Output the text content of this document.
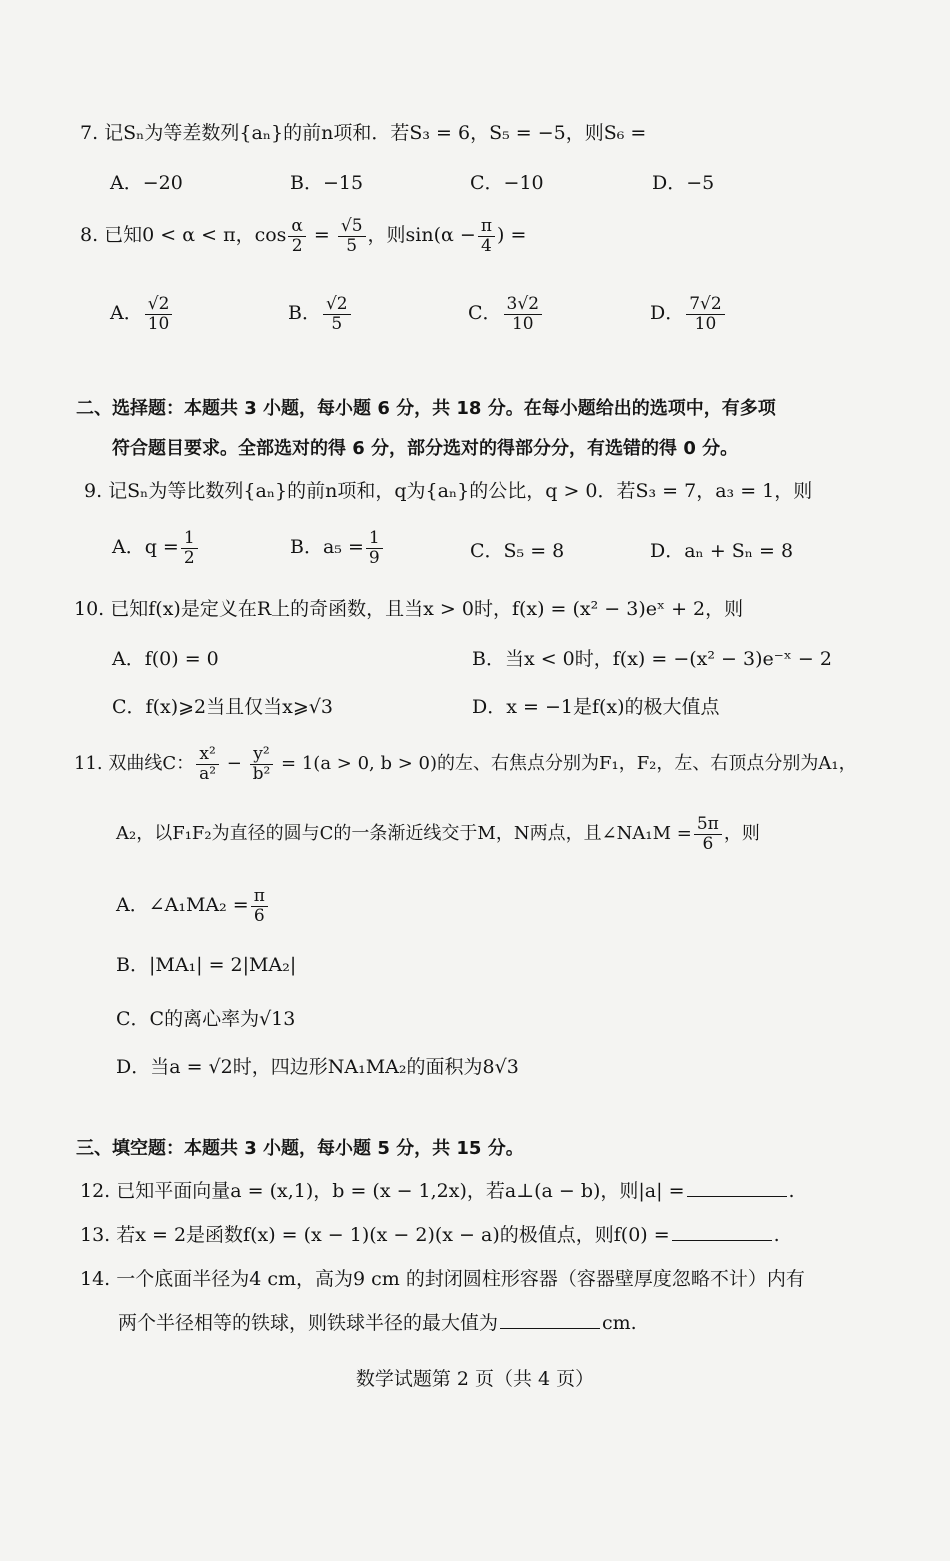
7. 记Sₙ为等差数列{aₙ}的前n项和．若S₃ = 6，S₅ = −5，则S₆ =
A．−20	B．−15	C．−10	D．−5
8. 已知0 < α < π，$\cos \frac{\alpha}{2} = \frac{√5}{5}$ ，则$\sin(\alpha - \frac{\pi}{4}$ ) =
A． $\frac{√2}{10}$	B． $\frac{√2}{5}$	C． $\frac{3√2}{10}$	D． $\frac{7√2}{10}$
二、选择题：本题共 3 小题，每小题 6 分，共 18 分。在每小题给出的选项中，有多项
符合题目要求。全部选对的得 6 分，部分选对的得部分分，有选错的得 0 分。
9. 记Sₙ为等比数列{aₙ}的前n项和，q为{aₙ}的公比，q > 0．若S₃ = 7，a₃ = 1，则
A．$q = \frac{1}{2}$	B．$a_5 = \frac{1}{9}$	C．S₅ = 8	D．aₙ + Sₙ = 8
10. 已知f(x)是定义在R上的奇函数，且当x > 0时，f(x) = (x² − 3)eˣ + 2，则
A．f(0) = 0	B．当x < 0时，f(x) = −(x² − 3)e⁻ˣ − 2
C．f(x)⩾2当且仅当x⩾√3	D．x = −1是f(x)的极大值点
11. 双曲线C： $\frac{\text{x²}}{\text{a²}} - \frac{\text{y²}}{\text{b²}} = 1(a > 0$, b > 0)的左、右焦点分别为F₁，F₂，左、右顶点分别为A₁，
A₂，以F₁F₂为直径的圆与C的一条渐近线交于M，N两点，且∠NA₁M = $\frac{5\pi}{6}$ ，则
A．∠A₁MA₂ = $\frac{\pi}{6}$
B．|MA₁| = 2|MA₂|
C．C的离心率为√13
D．当a = √2时，四边形NA₁MA₂的面积为8√3
三、填空题：本题共 3 小题，每小题 5 分，共 15 分。
12. 已知平面向量a = (x,1)，b = (x − 1,2x)，若a⊥(a − b)，则|a| =	.
13. 若x = 2是函数f(x) = (x − 1)(x − 2)(x − a)的极值点，则f(0) =	.
14. 一个底面半径为4 cm，高为9 cm 的封闭圆柱形容器（容器壁厚度忽略不计）内有
两个半径相等的铁球，则铁球半径的最大值为	cm.
数学试题第 2 页（共 4 页）
